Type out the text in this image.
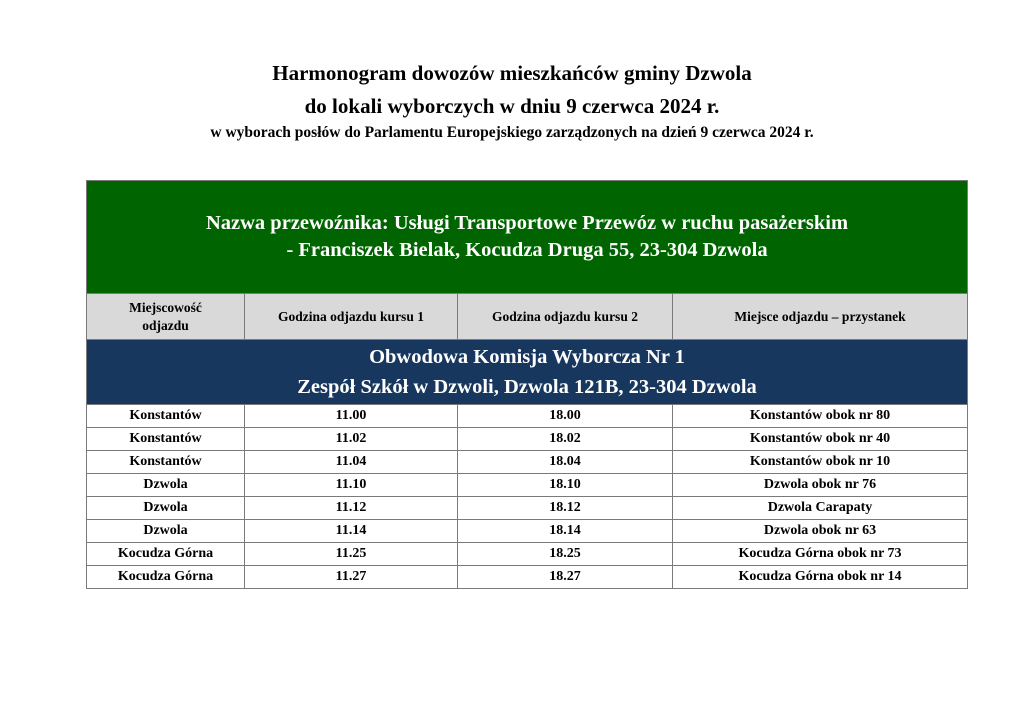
Harmonogram dowozów mieszkańców gminy Dzwola
do lokali wyborczych w dniu 9 czerwca 2024 r.
w wyborach posłów do Parlamentu Europejskiego zarządzonych na dzień 9 czerwca 2024 r.
Nazwa przewoźnika: Usługi Transportowe Przewóz w ruchu pasażerskim
- Franciszek Bielak, Kocudza Druga 55, 23-304 Dzwola			

Miejscowość
odjazdu	Godzina odjazdu kursu 1	Godzina odjazdu kursu 2	Miejsce odjazdu – przystanek

Obwodowa Komisja Wyborcza Nr 1
Zespół Szkół w Dzwoli, Dzwola 121B, 23-304 Dzwola			

Konstantów	11.00	18.00	Konstantów obok nr 80
Konstantów	11.02	18.02	Konstantów obok nr 40
Konstantów	11.04	18.04	Konstantów obok nr 10
Dzwola	11.10	18.10	Dzwola obok nr 76
Dzwola	11.12	18.12	Dzwola Carapaty
Dzwola	11.14	18.14	Dzwola obok nr 63
Kocudza Górna	11.25	18.25	Kocudza Górna obok nr 73
Kocudza Górna	11.27	18.27	Kocudza Górna obok nr 14
